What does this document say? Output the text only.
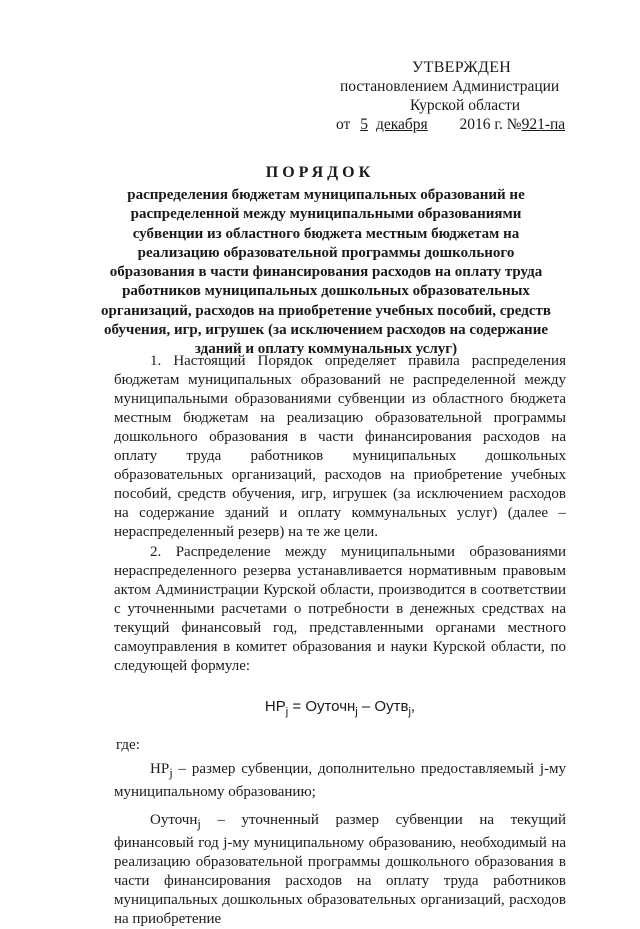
УТВЕРЖДЕН
постановлением Администрации
Курской области
от 5 декабря 2016 г. №921-па
ПОРЯДОК
распределения бюджетам муниципальных образований не распределенной между муниципальными образованиями субвенции из областного бюджета местным бюджетам на реализацию образовательной программы дошкольного образования в части финансирования расходов на оплату труда работников муниципальных дошкольных образовательных организаций, расходов на приобретение учебных пособий, средств обучения, игр, игрушек (за исключением расходов на содержание зданий и оплату коммунальных услуг)

1. Настоящий Порядок определяет правила распределения бюджетам муниципальных образований не распределенной между муниципальными образованиями субвенции из областного бюджета местным бюджетам на реализацию образовательной программы дошкольного образования в части финансирования расходов на оплату труда работников муниципальных дошкольных образовательных организаций, расходов на приобретение учебных пособий, средств обучения, игр, игрушек (за исключением расходов на содержание зданий и оплату коммунальных услуг) (далее – нераспределенный резерв) на те же цели.

2. Распределение между муниципальными образованиями нераспределенного резерва устанавливается нормативным правовым актом Администрации Курской области, производится в соответствии с уточненными расчетами о потребности в денежных средствах на текущий финансовый год, представленными органами местного самоуправления в комитет образования и науки Курской области, по следующей формуле:

$НР_j$ = Оуточн$_j$ – Оутв$_j$,

где:

$НР_j$ – размер субвенции, дополнительно предоставляемый j-му муниципальному образованию;

Оуточн$_j$ – уточненный размер субвенции на текущий финансовый год j-му муниципальному образованию, необходимый на реализацию образовательной программы дошкольного образования в части финансирования расходов на оплату труда работников муниципальных дошкольных образовательных организаций, расходов на приобретение
